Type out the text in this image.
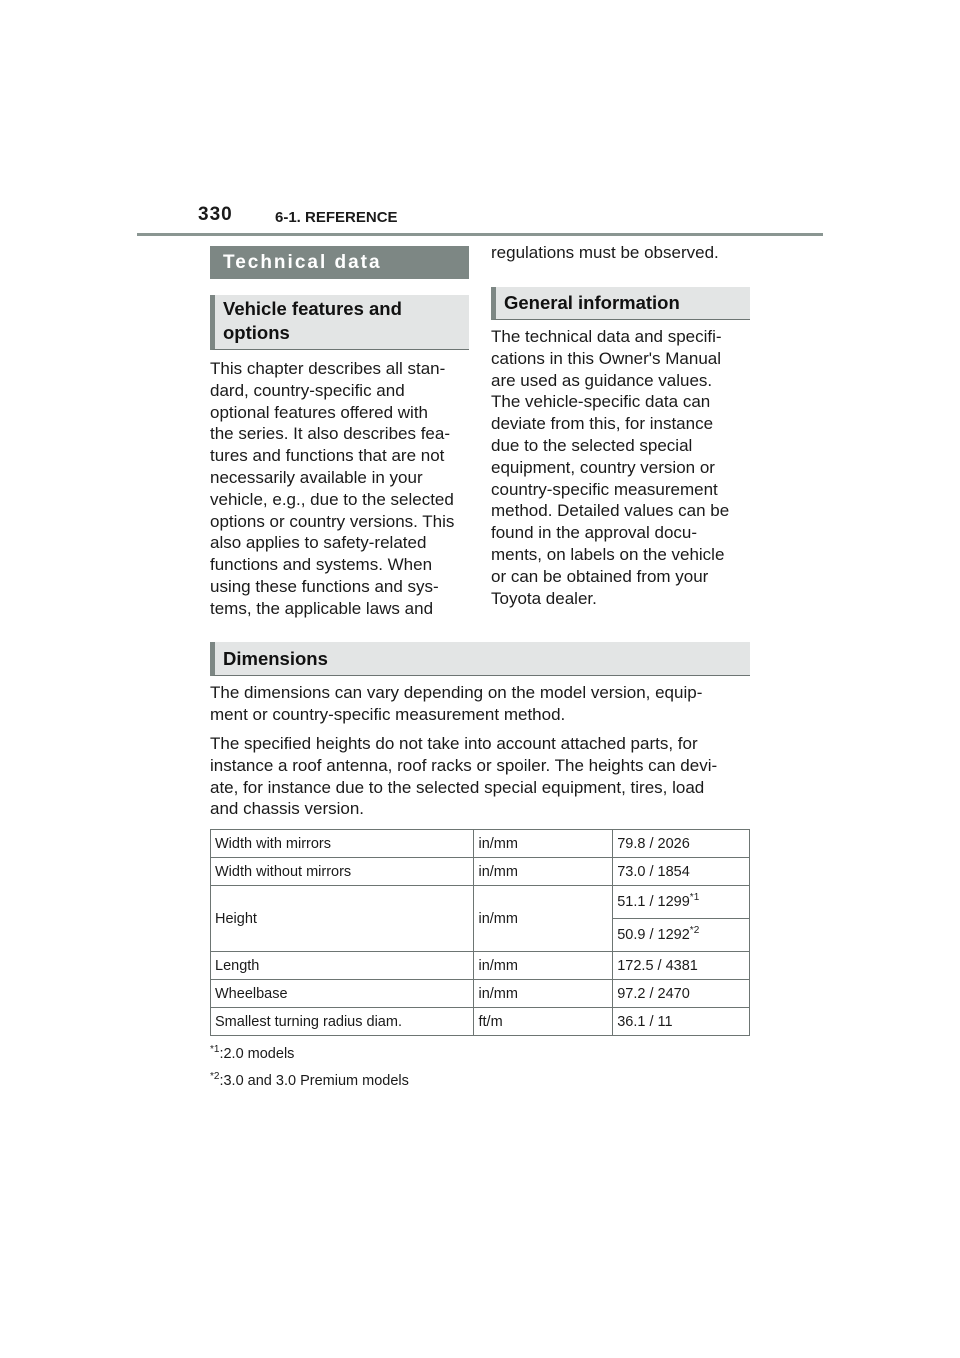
330	6-1. REFERENCE
Technical data
Vehicle features and
options
This chapter describes all stan-
dard, country-specific and
optional features offered with
the series. It also describes fea-
tures and functions that are not
necessarily available in your
vehicle, e.g., due to the selected
options or country versions. This
also applies to safety-related
functions and systems. When
using these functions and sys-
tems, the applicable laws and
regulations must be observed.
General information
The technical data and specifi-
cations in this Owner's Manual
are used as guidance values.
The vehicle-specific data can
deviate from this, for instance
due to the selected special
equipment, country version or
country-specific measurement
method. Detailed values can be
found in the approval docu-
ments, on labels on the vehicle
or can be obtained from your
Toyota dealer.
Dimensions
The dimensions can vary depending on the model version, equip-
ment or country-specific measurement method.
The specified heights do not take into account attached parts, for
instance a roof antenna, roof racks or spoiler. The heights can devi-
ate, for instance due to the selected special equipment, tires, load
and chassis version.
Width with mirrors	in/mm	79.8 / 2026
Width without mirrors	in/mm	73.0 / 1854
Height	in/mm	51.1 / 1299$^{*1}$
		50.9 / 1292$^{*2}$
Length	in/mm	172.5 / 4381
Wheelbase	in/mm	97.2 / 2470
Smallest turning radius diam.	ft/m	36.1 / 11
$^{*1}$:2.0 models
$^{*2}$:3.0 and 3.0 Premium models
